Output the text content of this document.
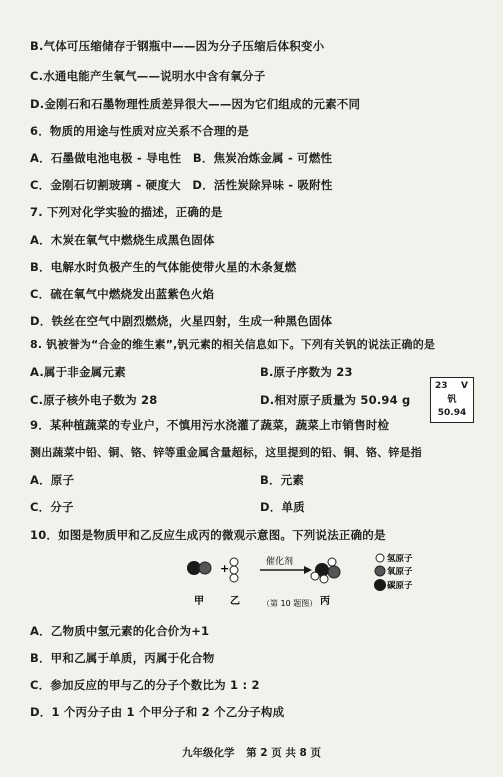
B.气体可压缩储存于钢瓶中——因为分子压缩后体积变小
C.水通电能产生氧气——说明水中含有氧分子
D.金刚石和石墨物理性质差异很大——因为它们组成的元素不同
6．物质的用途与性质对应关系不合理的是
A．石墨做电池电极 - 导电性　B．焦炭冶炼金属 - 可燃性
C．金刚石切割玻璃 - 硬度大　D．活性炭除异味 - 吸附性
7. 下列对化学实验的描述，正确的是
A．木炭在氧气中燃烧生成黑色固体
B．电解水时负极产生的气体能使带火星的木条复燃
C．硫在氧气中燃烧发出蓝紫色火焰
D．铁丝在空气中剧烈燃烧，火星四射，生成一种黑色固体
8. 钒被誉为“合金的维生素”,钒元素的相关信息如下。下列有关钒的说法正确的是
A.属于非金属元素	B.原子序数为 23
C.原子核外电子数为 28	D.相对原子质量为 50.94 g
23 V
钒
50.94
9．某种植蔬菜的专业户，不慎用污水浇灌了蔬菜，蔬菜上市销售时检
测出蔬菜中铅、铜、铬、锌等重金属含量超标，这里提到的铅、铜、铬、锌是指
A．原子	B．元素
C．分子	D．单质
10．如图是物质甲和乙反应生成丙的微观示意图。下列说法正确的是
+	催化剂	氢原子
氧原子
碳原子
甲	乙	（第 10 题图） 丙
A．乙物质中氢元素的化合价为+1
B．甲和乙属于单质，丙属于化合物
C．参加反应的甲与乙的分子个数比为 1 : 2
D．1 个丙分子由 1 个甲分子和 2 个乙分子构成
九年级化学 第 2 页 共 8 页
